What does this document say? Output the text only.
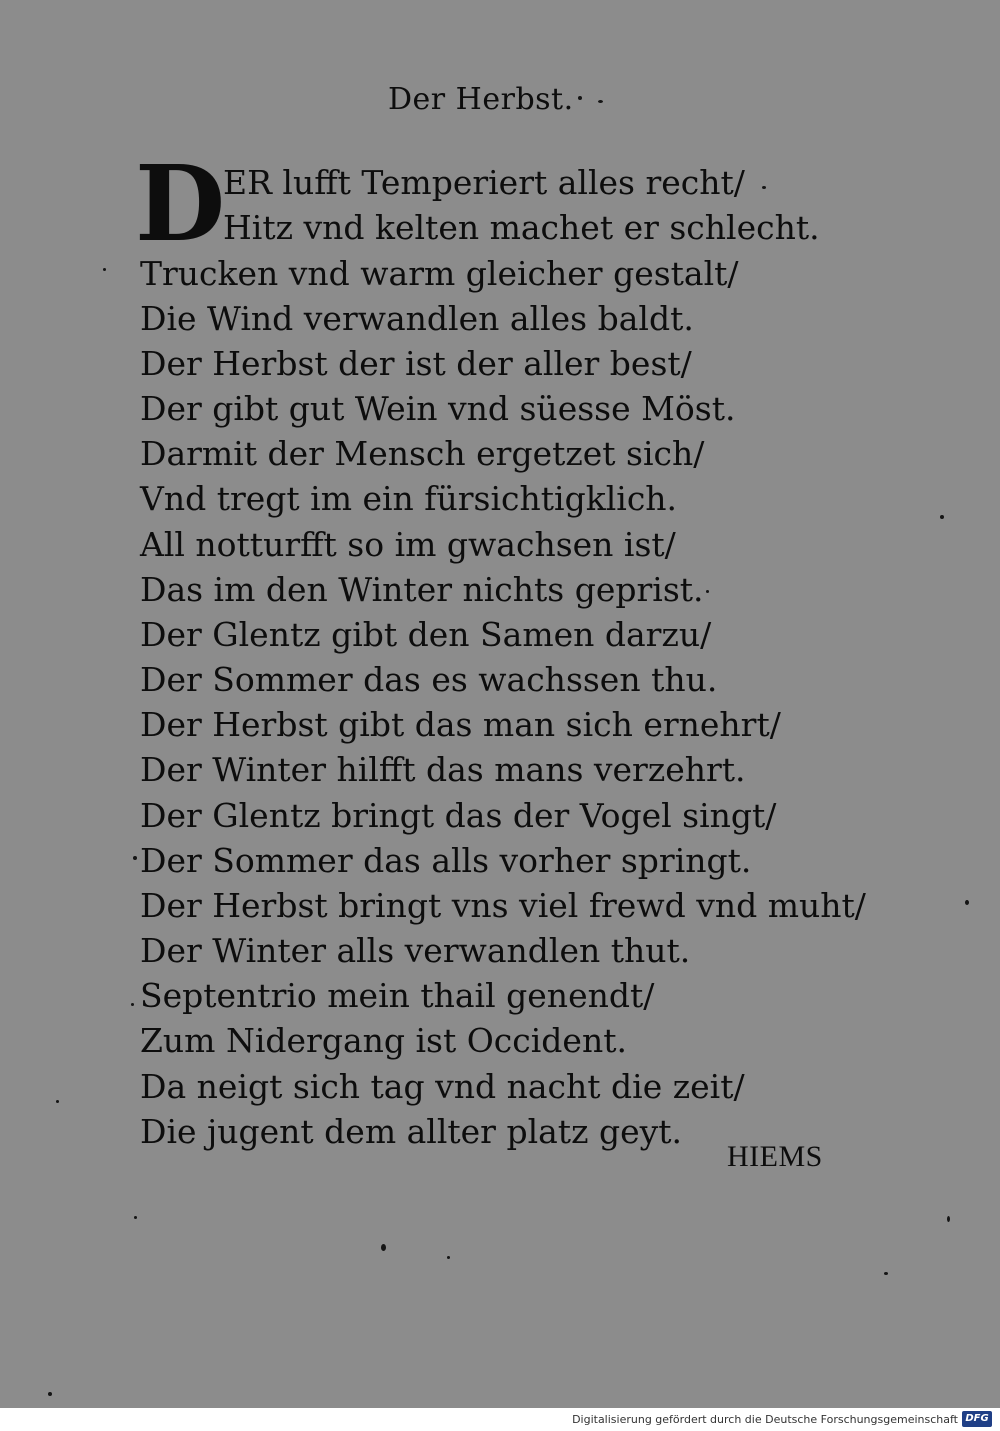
Der Herbst.
D
ER lufft Temperiert alles recht/
Hitz vnd kelten machet er schlecht.
Trucken vnd warm gleicher gestalt/
Die Wind verwandlen alles baldt.
Der Herbst der ist der aller best/
Der gibt gut Wein vnd süesse Möst.
Darmit der Mensch ergetzet sich/
Vnd tregt im ein fürsichtigklich.
All notturfft so im gwachsen ist/
Das im den Winter nichts geprist.
Der Glentz gibt den Samen darzu/
Der Sommer das es wachssen thu.
Der Herbst gibt das man sich ernehrt/
Der Winter hilfft das mans verzehrt.
Der Glentz bringt das der Vogel singt/
Der Sommer das alls vorher springt.
Der Herbst bringt vns viel frewd vnd muht/
Der Winter alls verwandlen thut.
Septentrio mein thail genendt/
Zum Nidergang ist Occident.
Da neigt sich tag vnd nacht die zeit/
Die jugent dem allter platz geyt.
HIEMS
Digitalisierung gefördert durch die Deutsche Forschungsgemeinschaft DFG
